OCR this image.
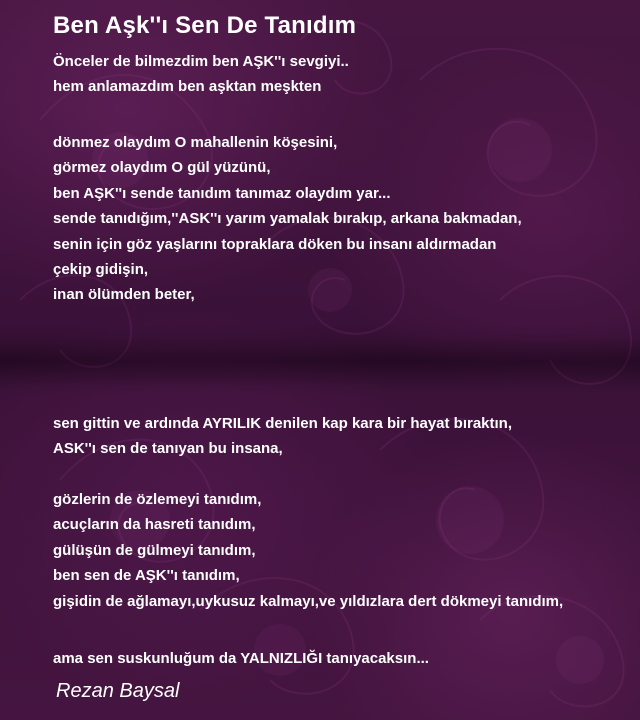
Ben Aşk''ı Sen De Tanıdım
Önceler de bilmezdim ben AŞK''ı sevgiyi..
hem anlamazdım ben aşktan meşkten
dönmez olaydım O mahallenin köşesini,
görmez olaydım O gül yüzünü,
ben AŞK''ı sende tanıdım tanımaz olaydım yar...
sende tanıdığım,''ASK''ı yarım yamalak bırakıp, arkana bakmadan,
senin için göz yaşlarını topraklara döken bu insanı aldırmadan
çekip gidişin,
inan ölümden beter,
sen gittin ve ardında AYRILIK denilen kap kara bir hayat bıraktın,
ASK''ı sen de tanıyan bu insana,
gözlerin de özlemeyi tanıdım,
acuçların da hasreti tanıdım,
gülüşün de gülmeyi tanıdım,
ben sen de AŞK''ı tanıdım,
gişidin de ağlamayı,uykusuz kalmayı,ve yıldızlara dert dökmeyi tanıdım,
ama sen suskunluğum da YALNIZLIĞI tanıyacaksın...
Rezan Baysal
